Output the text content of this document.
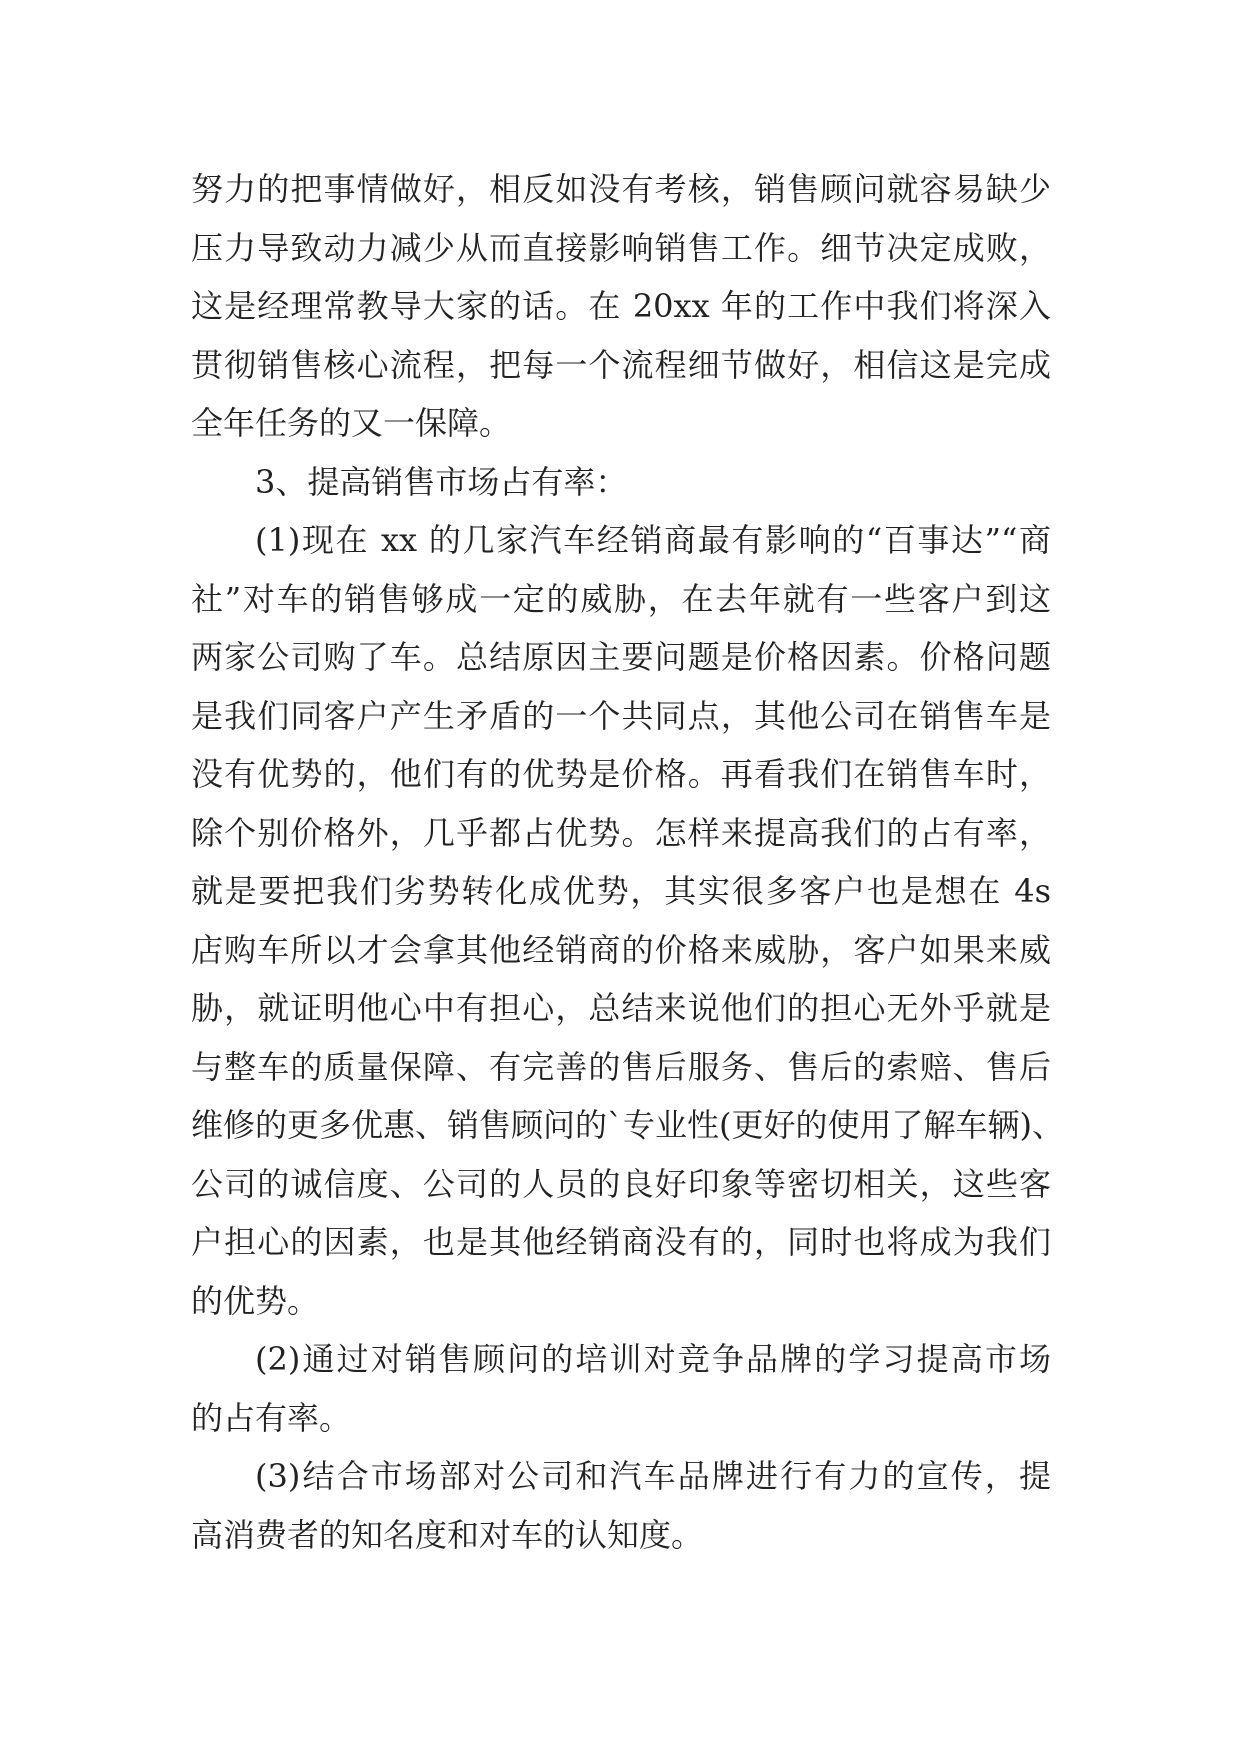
努力的把事情做好，相反如没有考核，销售顾问就容易缺少
压力导致动力减少从而直接影响销售工作。细节决定成败，
这是经理常教导大家的话。在 20xx 年的工作中我们将深入
贯彻销售核心流程，把每一个流程细节做好，相信这是完成
全年任务的又一保障。
3、提高销售市场占有率：
(1)现在 xx 的几家汽车经销商最有影响的“百事达”“商
社”对车的销售够成一定的威胁，在去年就有一些客户到这
两家公司购了车。总结原因主要问题是价格因素。价格问题
是我们同客户产生矛盾的一个共同点，其他公司在销售车是
没有优势的，他们有的优势是价格。再看我们在销售车时，
除个别价格外，几乎都占优势。怎样来提高我们的占有率，
就是要把我们劣势转化成优势，其实很多客户也是想在 4s
店购车所以才会拿其他经销商的价格来威胁，客户如果来威
胁，就证明他心中有担心，总结来说他们的担心无外乎就是
与整车的质量保障、有完善的售后服务、售后的索赔、售后
维修的更多优惠、销售顾问的`专业性(更好的使用了解车辆)、
公司的诚信度、公司的人员的良好印象等密切相关，这些客
户担心的因素，也是其他经销商没有的，同时也将成为我们
的优势。
(2)通过对销售顾问的培训对竞争品牌的学习提高市场
的占有率。
(3)结合市场部对公司和汽车品牌进行有力的宣传，提
高消费者的知名度和对车的认知度。
